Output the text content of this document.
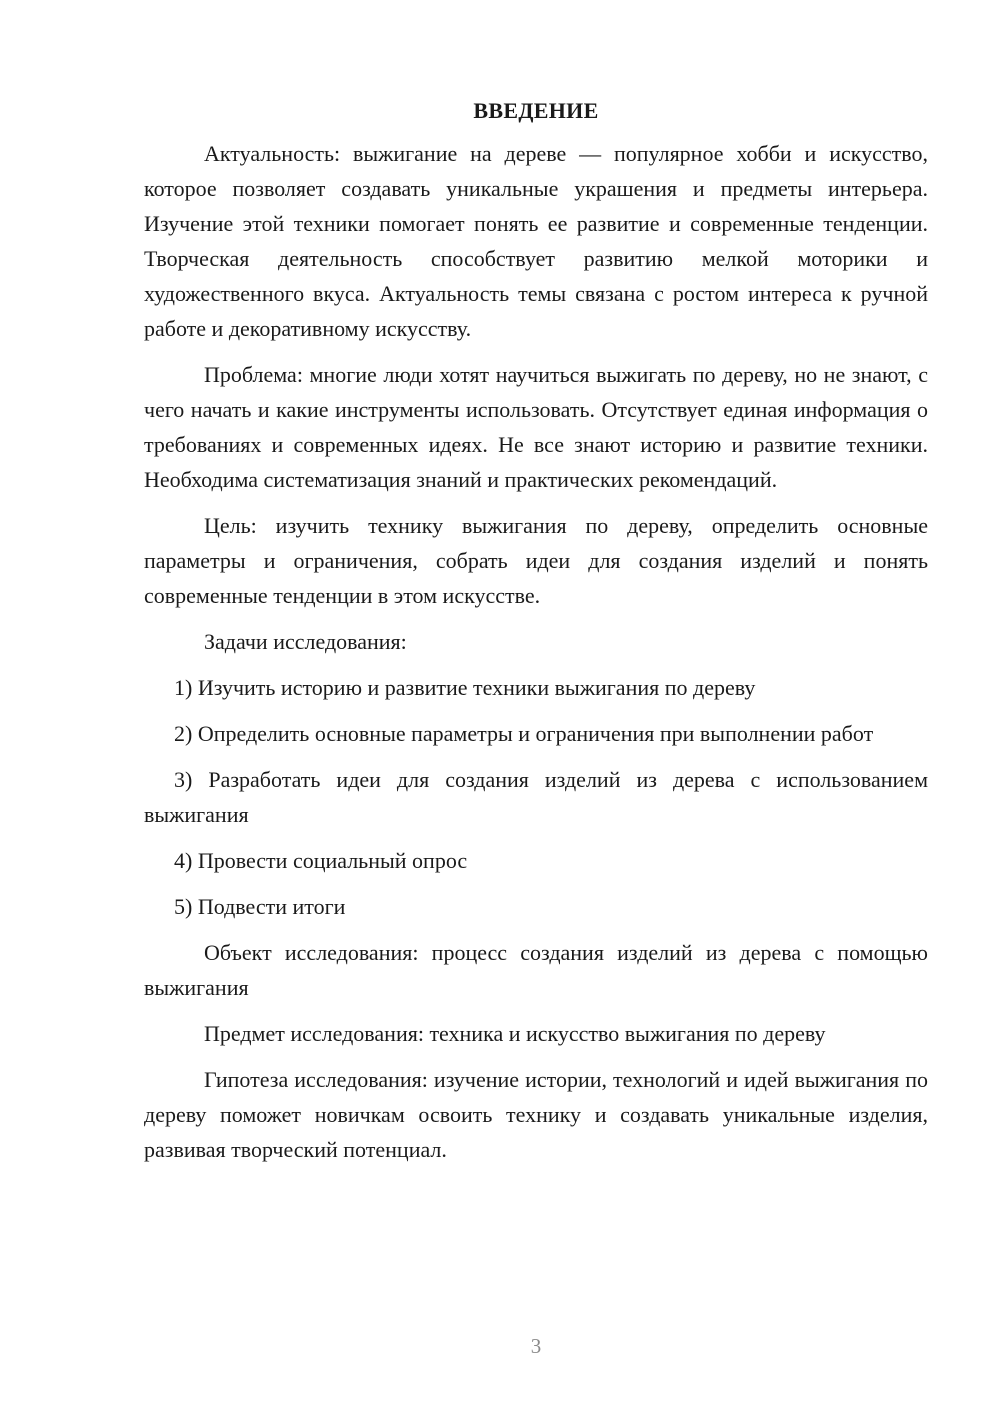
ВВЕДЕНИЕ

Актуальность: выжигание на дереве — популярное хобби и искусство, которое позволяет создавать уникальные украшения и предметы интерьера. Изучение этой техники помогает понять ее развитие и современные тенденции. Творческая деятельность способствует развитию мелкой моторики и художественного вкуса. Актуальность темы связана с ростом интереса к ручной работе и декоративному искусству.

Проблема: многие люди хотят научиться выжигать по дереву, но не знают, с чего начать и какие инструменты использовать. Отсутствует единая информация о требованиях и современных идеях. Не все знают историю и развитие техники. Необходима систематизация знаний и практических рекомендаций.

Цель: изучить технику выжигания по дереву, определить основные параметры и ограничения, собрать идеи для создания изделий и понять современные тенденции в этом искусстве.

Задачи исследования:

1) Изучить историю и развитие техники выжигания по дереву

2) Определить основные параметры и ограничения при выполнении работ

3) Разработать идеи для создания изделий из дерева с использованием выжигания

4) Провести социальный опрос

5) Подвести итоги

Объект исследования: процесс создания изделий из дерева с помощью выжигания

Предмет исследования: техника и искусство выжигания по дереву

Гипотеза исследования: изучение истории, технологий и идей выжигания по дереву поможет новичкам освоить технику и создавать уникальные изделия, развивая творческий потенциал.

3
